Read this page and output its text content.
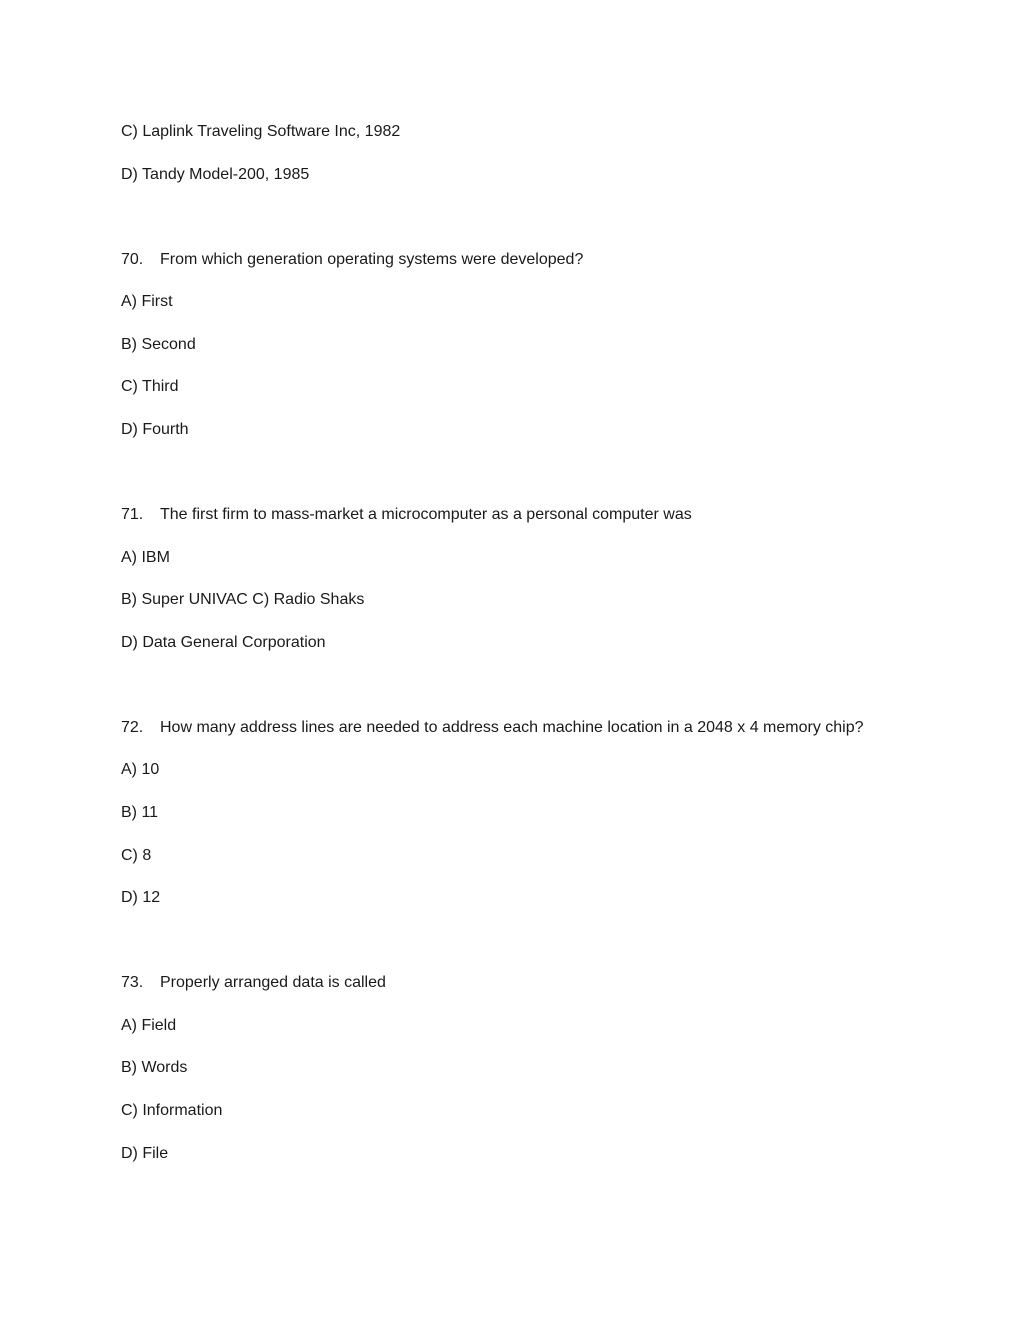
C) Laplink Traveling Software Inc, 1982

D) Tandy Model-200, 1985

70. From which generation operating systems were developed?

A) First

B) Second

C) Third

D) Fourth

71. The first firm to mass-market a microcomputer as a personal computer was

A) IBM

B) Super UNIVAC C) Radio Shaks

D) Data General Corporation

72. How many address lines are needed to address each machine location in a 2048 x 4 memory chip?

A) 10

B) 11

C) 8

D) 12

73. Properly arranged data is called

A) Field

B) Words

C) Information

D) File
